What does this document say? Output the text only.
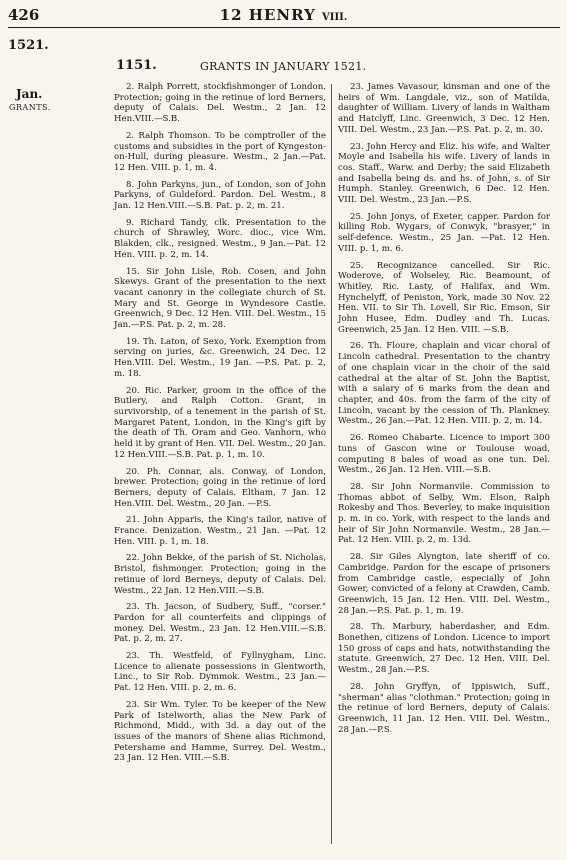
426	12 HENRY VIII.
1521.
Jan.
GRANTS.
1151.	GRANTS IN JANUARY 1521.

2. Ralph Porrett, stockfishmonger of London. Protection; going in the retinue of lord Berners, deputy of Calais. Del. Westm., 2 Jan. 12 Hen.VIII.—S.B.

2. Ralph Thomson. To be comptroller of the customs and subsidies in the port of Kyngeston-on-Hull, during pleasure. Westm., 2 Jan.—Pat. 12 Hen. VIII. p. 1, m. 4.

8. John Parkyns, jun., of London, son of John Parkyns, of Guldeford. Pardon. Del. Westm., 8 Jan. 12 Hen.VIII.—S.B. Pat. p. 2, m. 21.

9. Richard Tandy, clk. Presentation to the church of Shrawley, Worc. dioc., vice Wm. Blakden, clk., resigned. Westm., 9 Jan.—Pat. 12 Hen. VIII. p. 2, m. 14.

15. Sir John Lisle, Rob. Cosen, and John Skewys. Grant of the presentation to the next vacant canonry in the collegiate church of St. Mary and St. George in Wyndesore Castle. Greenwich, 9 Dec. 12 Hen. VIII. Del. Westm., 15 Jan.—P.S. Pat. p. 2, m. 28.

19. Th. Laton, of Sexo, York. Exemption from serving on juries, &c. Greenwich, 24 Dec. 12 Hen.VIII. Del. Westm., 19 Jan. —P.S. Pat. p. 2, m. 18.

20. Ric. Parker, groom in the office of the Butlery, and Ralph Cotton. Grant, in survivorship, of a tenement in the parish of St. Margaret Patent, London, in the King's gift by the death of Th. Oram and Geo. Vanhorn, who held it by grant of Hen. VII. Del. Westm., 20 Jan. 12 Hen.VIII.—S.B. Pat. p. 1, m. 10.

20. Ph. Connar, als. Conway, of London, brewer. Protection; going in the retinue of lord Berners, deputy of Calais. Eltham, 7 Jan. 12 Hen.VIII. Del. Westm., 20 Jan. —P.S.

21. John Apparis, the King's tailor, native of France. Denization. Westm., 21 Jan. —Pat. 12 Hen. VIII. p. 1, m. 18.

22. John Bekke, of the parish of St. Nicholas, Bristol, fishmonger. Protection; going in the retinue of lord Berneys, deputy of Calais. Del. Westm., 22 Jan. 12 Hen.VIII.—S.B.

23. Th. Jacson, of Sudbery, Suff., "corser." Pardon for all counterfeits and clippings of money. Del. Westm., 23 Jan. 12 Hen.VIII.—S.B. Pat. p. 2, m. 27.

23. Th. Westfeld, of Fyllnygham, Linc. Licence to alienate possessions in Glentworth, Linc., to Sir Rob. Dymmok. Westm., 23 Jan.—Pat. 12 Hen. VIII. p. 2, m. 6.

23. Sir Wm. Tyler. To be keeper of the New Park of Istelworth, alias the New Park of Richmond, Midd., with 3d. a day out of the issues of the manors of Shene alias Richmond, Petershame and Hamme, Surrey. Del. Westm., 23 Jan. 12 Hen. VIII.—S.B.

23. James Vavasour, kinsman and one of the heirs of Wm. Langdale, viz., son of Matilda, daughter of William. Livery of lands in Waltham and Hatclyff, Linc. Greenwich, 3 Dec. 12 Hen. VIII. Del. Westm., 23 Jan.—P.S. Pat. p. 2, m. 30.

23. John Hercy and Eliz. his wife, and Walter Moyle and Isabella his wife. Livery of lands in cos. Staff., Warw. and Derby; the said Elizabeth and Isabella being ds. and hs. of John, s. of Sir Humph. Stanley. Greenwich, 6 Dec. 12 Hen. VIII. Del. Westm., 23 Jan.—P.S.

25. John Jonys, of Exeter, capper. Pardon for killing Rob. Wygars, of Conwyk, "brasyer," in self-defence. Westm., 25 Jan. —Pat. 12 Hen. VIII. p. 1, m. 6.

25. Recognizance cancelled. Sir Ric. Woderove, of Wolseley, Ric. Beamount, of Whitley, Ric. Lasty, of Halifax, and Wm. Hynchelyff, of Peniston, York, made 30 Nov. 22 Hen. VII. to Sir Th. Lovell, Sir Ric. Emson, Sir John Husee, Edm. Dudley and Th. Lucas. Greenwich, 25 Jan. 12 Hen. VIII. —S.B.

26. Th. Floure, chaplain and vicar choral of Lincoln cathedral. Presentation to the chantry of one chaplain vicar in the choir of the said cathedral at the altar of St. John the Baptist, with a salary of 6 marks from the dean and chapter, and 40s. from the farm of the city of Lincoln, vacant by the cession of Th. Plankney. Westm., 26 Jan.—Pat. 12 Hen. VIII. p. 2, m. 14.

26. Romeo Chabarte. Licence to import 300 tuns of Gascon wine or Toulouse woad, computing 8 bales of woad as one tun. Del. Westm., 26 Jan. 12 Hen. VIII.—S.B.

28. Sir John Normanvile. Commission to Thomas abbot of Selby, Wm. Elson, Ralph Rokesby and Thos. Beverley, to make inquisition p. m. in co. York, with respect to the lands and heir of Sir John Normanvile. Westm., 28 Jan.—Pat. 12 Hen. VIII. p. 2, m. 13d.

28. Sir Giles Alyngton, late sheriff of co. Cambridge. Pardon for the escape of prisoners from Cambridge castle, especially of John Gower, convicted of a felony at Crawden, Camb. Greenwich, 15 Jan. 12 Hen. VIII. Del. Westm., 28 Jan.—P.S. Pat. p. 1, m. 19.

28. Th. Marbury, haberdasher, and Edm. Bonethen, citizens of London. Licence to import 150 gross of caps and hats, notwithstanding the statute. Greenwich, 27 Dec. 12 Hen. VIII. Del. Westm., 28 Jan.—P.S.

28. John Gryffyn, of Ippiswich, Suff., "sherman" alias "clothman." Protection; going in the retinue of lord Berners, deputy of Calais. Greenwich, 11 Jan. 12 Hen. VIII. Del. Westm., 28 Jan.—P.S.
